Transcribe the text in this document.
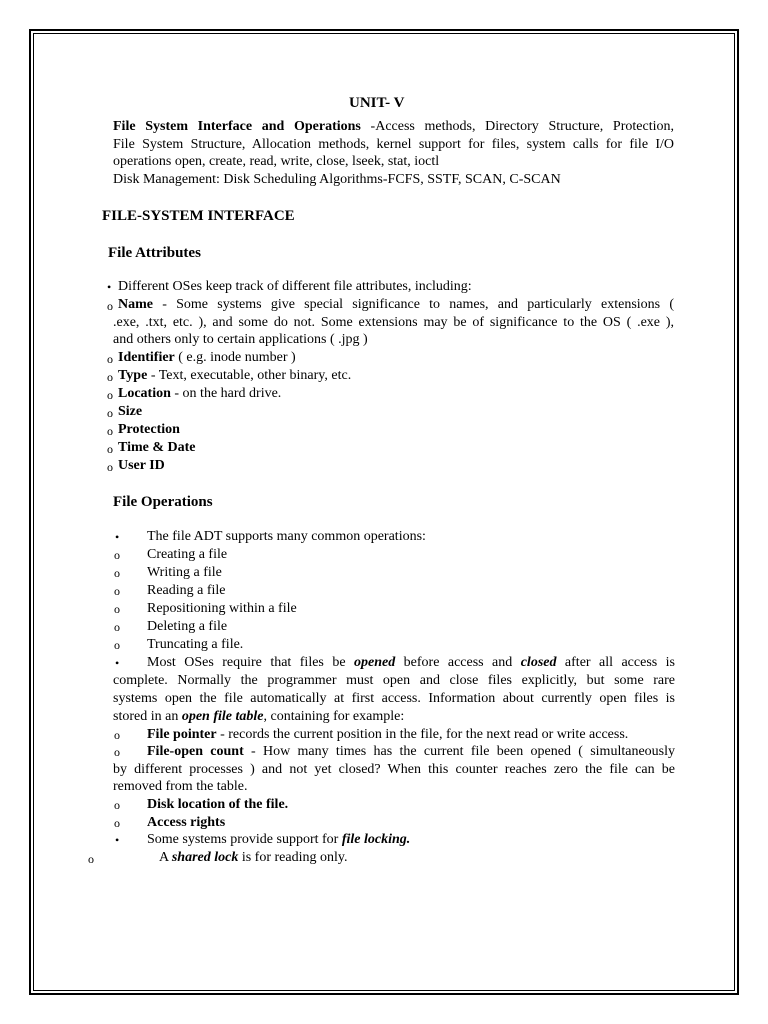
UNIT- V
File System Interface and Operations -Access methods, Directory Structure, Protection,
File System Structure, Allocation methods, kernel support for files, system calls for file I/O
operations open, create, read, write, close, lseek, stat, ioctl
Disk Management: Disk Scheduling Algorithms-FCFS, SSTF, SCAN, C-SCAN
FILE-SYSTEM INTERFACE
File Attributes
• Different OSes keep track of different file attributes, including:
o Name - Some systems give special significance to names, and particularly extensions (
.exe, .txt, etc. ), and some do not. Some extensions may be of significance to the OS ( .exe ),
and others only to certain applications ( .jpg )
o Identifier ( e.g. inode number )
o Type - Text, executable, other binary, etc.
o Location - on the hard drive.
o Size
o Protection
o Time & Date
o User ID
File Operations
• The file ADT supports many common operations:
o Creating a file
o Writing a file
o Reading a file
o Repositioning within a file
o Deleting a file
o Truncating a file.
• Most OSes require that files be opened before access and closed after all access is
complete. Normally the programmer must open and close files explicitly, but some rare
systems open the file automatically at first access. Information about currently open files is
stored in an open file table, containing for example:
o File pointer - records the current position in the file, for the next read or write access.
o File-open count - How many times has the current file been opened ( simultaneously
by different processes ) and not yet closed? When this counter reaches zero the file can be
removed from the table.
o Disk location of the file.
o Access rights
• Some systems provide support for file locking.
o	A shared lock is for reading only.
